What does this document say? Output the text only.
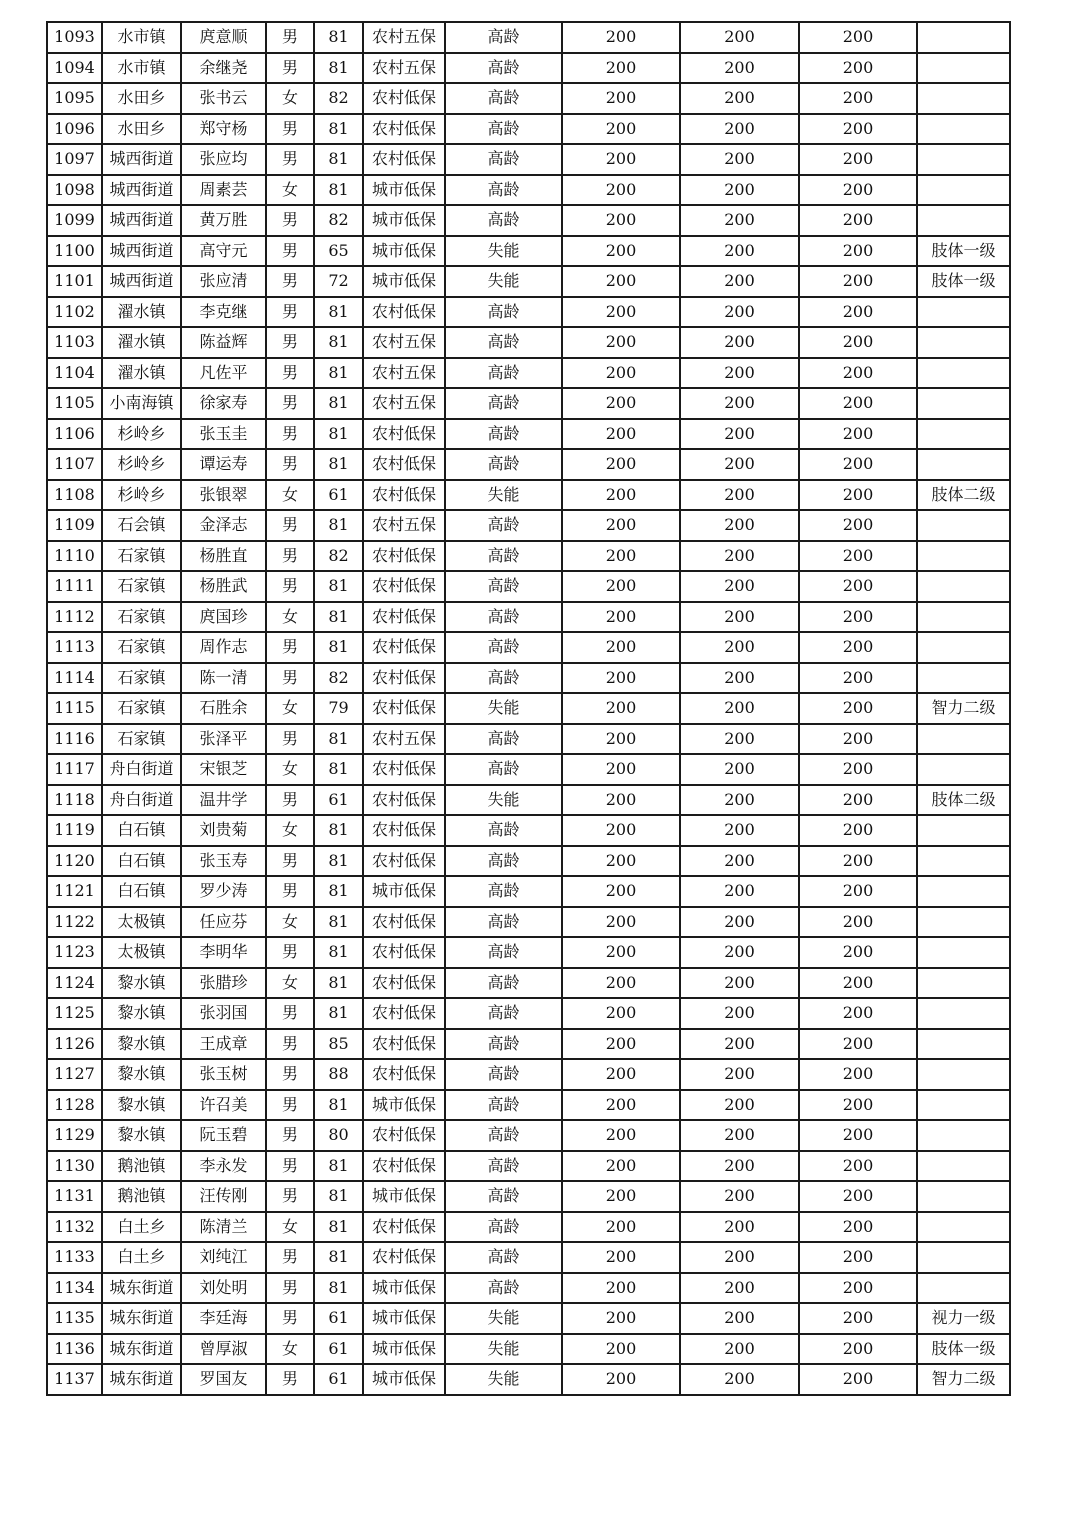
1093	水市镇	庹意顺	男	81	农村五保	高龄	200	200	200	
1094	水市镇	余继尧	男	81	农村五保	高龄	200	200	200	
1095	水田乡	张书云	女	82	农村低保	高龄	200	200	200	
1096	水田乡	郑守杨	男	81	农村低保	高龄	200	200	200	
1097	城西街道	张应均	男	81	农村低保	高龄	200	200	200	
1098	城西街道	周素芸	女	81	城市低保	高龄	200	200	200	
1099	城西街道	黄万胜	男	82	城市低保	高龄	200	200	200	
1100	城西街道	高守元	男	65	城市低保	失能	200	200	200	肢体一级
1101	城西街道	张应清	男	72	城市低保	失能	200	200	200	肢体一级
1102	濯水镇	李克继	男	81	农村低保	高龄	200	200	200	
1103	濯水镇	陈益辉	男	81	农村五保	高龄	200	200	200	
1104	濯水镇	凡佐平	男	81	农村五保	高龄	200	200	200	
1105	小南海镇	徐家寿	男	81	农村五保	高龄	200	200	200	
1106	杉岭乡	张玉圭	男	81	农村低保	高龄	200	200	200	
1107	杉岭乡	谭运寿	男	81	农村低保	高龄	200	200	200	
1108	杉岭乡	张银翠	女	61	农村低保	失能	200	200	200	肢体二级
1109	石会镇	金泽志	男	81	农村五保	高龄	200	200	200	
1110	石家镇	杨胜直	男	82	农村低保	高龄	200	200	200	
1111	石家镇	杨胜武	男	81	农村低保	高龄	200	200	200	
1112	石家镇	庹国珍	女	81	农村低保	高龄	200	200	200	
1113	石家镇	周作志	男	81	农村低保	高龄	200	200	200	
1114	石家镇	陈一清	男	82	农村低保	高龄	200	200	200	
1115	石家镇	石胜余	女	79	农村低保	失能	200	200	200	智力二级
1116	石家镇	张泽平	男	81	农村五保	高龄	200	200	200	
1117	舟白街道	宋银芝	女	81	农村低保	高龄	200	200	200	
1118	舟白街道	温井学	男	61	农村低保	失能	200	200	200	肢体二级
1119	白石镇	刘贵菊	女	81	农村低保	高龄	200	200	200	
1120	白石镇	张玉寿	男	81	农村低保	高龄	200	200	200	
1121	白石镇	罗少涛	男	81	城市低保	高龄	200	200	200	
1122	太极镇	任应芬	女	81	农村低保	高龄	200	200	200	
1123	太极镇	李明华	男	81	农村低保	高龄	200	200	200	
1124	黎水镇	张腊珍	女	81	农村低保	高龄	200	200	200	
1125	黎水镇	张羽国	男	81	农村低保	高龄	200	200	200	
1126	黎水镇	王成章	男	85	农村低保	高龄	200	200	200	
1127	黎水镇	张玉树	男	88	农村低保	高龄	200	200	200	
1128	黎水镇	许召美	男	81	城市低保	高龄	200	200	200	
1129	黎水镇	阮玉碧	男	80	农村低保	高龄	200	200	200	
1130	鹅池镇	李永发	男	81	农村低保	高龄	200	200	200	
1131	鹅池镇	汪传刚	男	81	城市低保	高龄	200	200	200	
1132	白土乡	陈清兰	女	81	农村低保	高龄	200	200	200	
1133	白土乡	刘纯江	男	81	农村低保	高龄	200	200	200	
1134	城东街道	刘处明	男	81	城市低保	高龄	200	200	200	
1135	城东街道	李廷海	男	61	城市低保	失能	200	200	200	视力一级
1136	城东街道	曾厚淑	女	61	城市低保	失能	200	200	200	肢体一级
1137	城东街道	罗国友	男	61	城市低保	失能	200	200	200	智力二级
